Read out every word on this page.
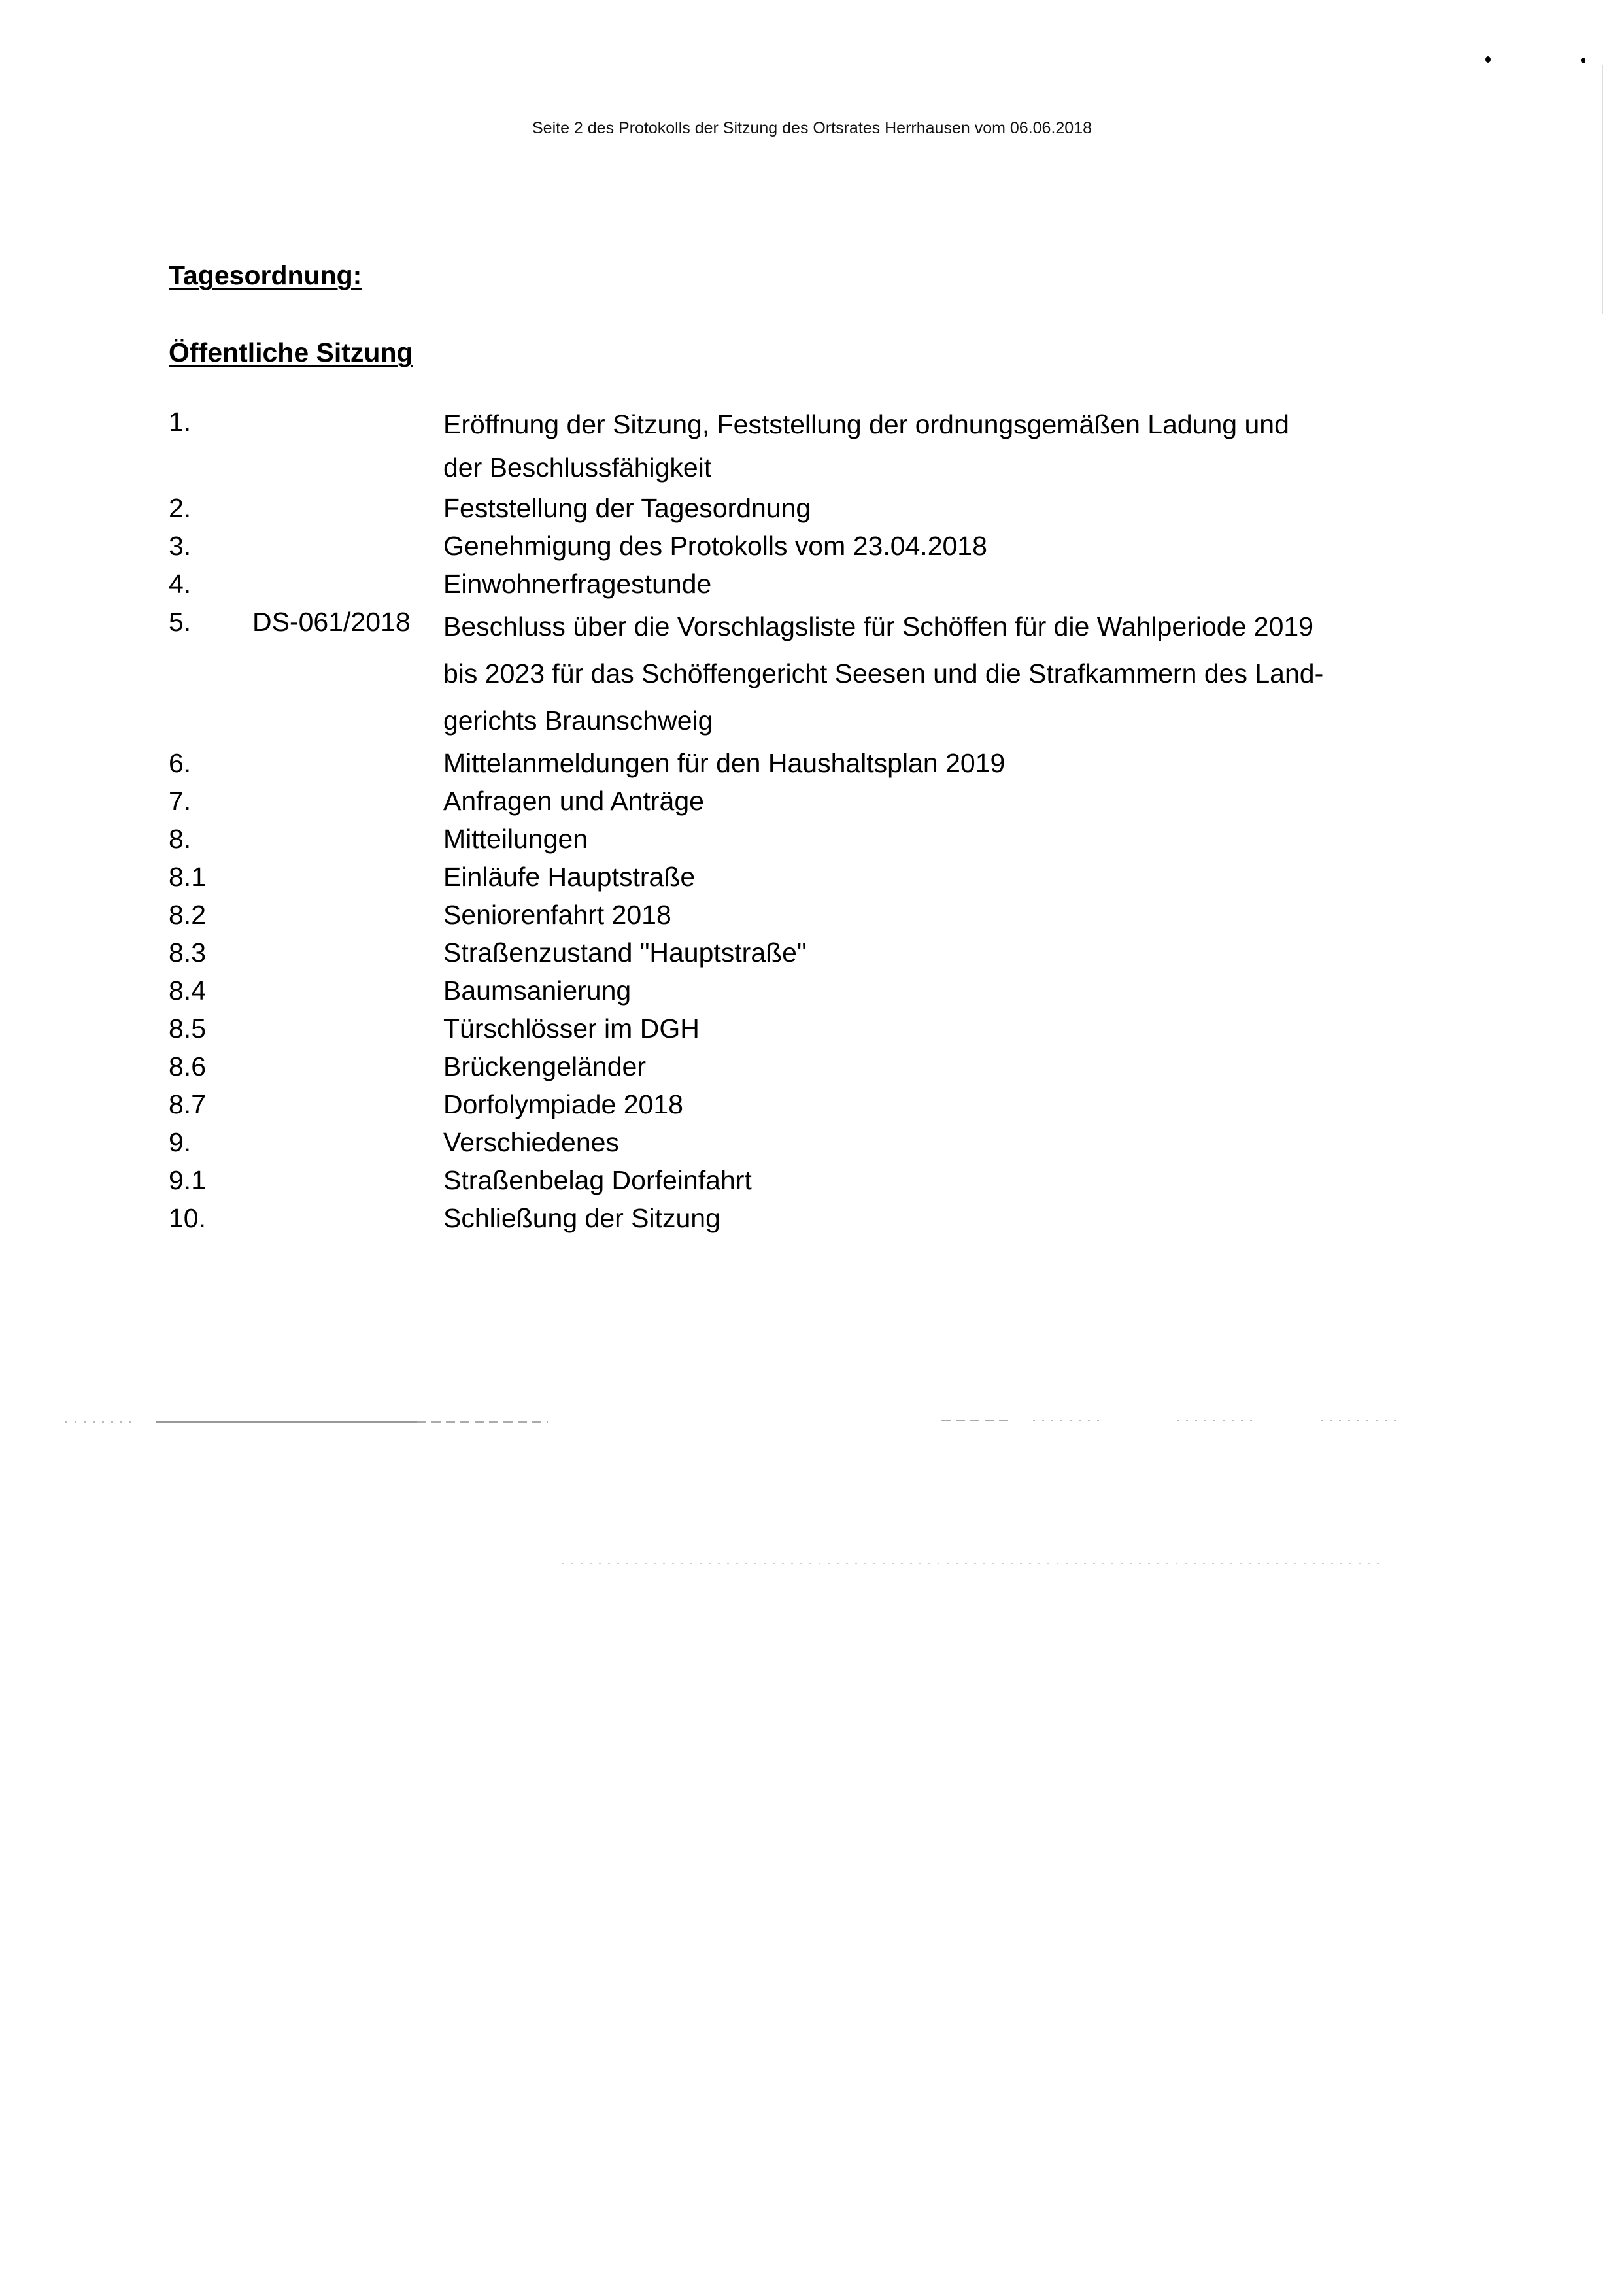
Seite 2 des Protokolls der Sitzung des Ortsrates Herrhausen vom 06.06.2018
Tagesordnung:
Öffentliche Sitzung
1.	Eröffnung der Sitzung, Feststellung der ordnungsgemäßen Ladung und
der Beschlussfähigkeit
2.	Feststellung der Tagesordnung
3.	Genehmigung des Protokolls vom 23.04.2018
4.	Einwohnerfragestunde
5.	DS-061/2018	Beschluss über die Vorschlagsliste für Schöffen für die Wahlperiode 2019
bis 2023 für das Schöffengericht Seesen und die Strafkammern des Land-
gerichts Braunschweig
6.	Mittelanmeldungen für den Haushaltsplan 2019
7.	Anfragen und Anträge
8.	Mitteilungen
8.1	Einläufe Hauptstraße
8.2	Seniorenfahrt 2018
8.3	Straßenzustand "Hauptstraße"
8.4	Baumsanierung
8.5	Türschlösser im DGH
8.6	Brückengeländer
8.7	Dorfolympiade 2018
9.	Verschiedenes
9.1	Straßenbelag Dorfeinfahrt
10.	Schließung der Sitzung
